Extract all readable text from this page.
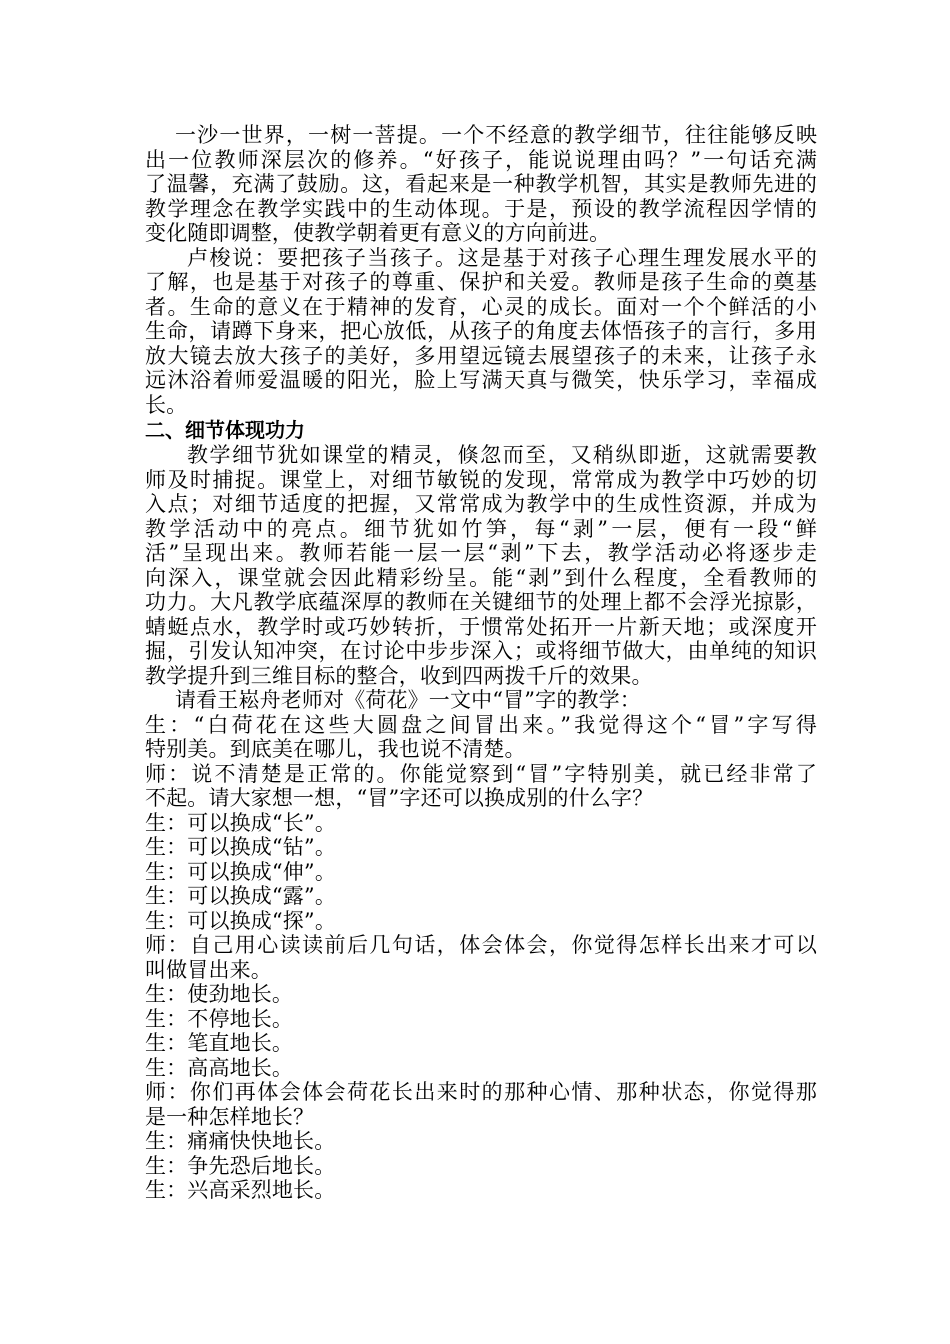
一沙一世界，一树一菩提。一个不经意的教学细节，往往能够反映
出一位教师深层次的修养。“好孩子，能说说理由吗？”一句话充满
了温馨，充满了鼓励。这，看起来是一种教学机智，其实是教师先进的
教学理念在教学实践中的生动体现。于是，预设的教学流程因学情的
变化随即调整，使教学朝着更有意义的方向前进。
卢梭说：要把孩子当孩子。这是基于对孩子心理生理发展水平的
了解，也是基于对孩子的尊重、保护和关爱。教师是孩子生命的奠基
者。生命的意义在于精神的发育，心灵的成长。面对一个个鲜活的小
生命，请蹲下身来，把心放低，从孩子的角度去体悟孩子的言行，多用
放大镜去放大孩子的美好，多用望远镜去展望孩子的未来，让孩子永
远沐浴着师爱温暖的阳光，脸上写满天真与微笑，快乐学习，幸福成
长。
二、细节体现功力
教学细节犹如课堂的精灵，倏忽而至，又稍纵即逝，这就需要教
师及时捕捉。课堂上，对细节敏锐的发现，常常成为教学中巧妙的切
入点；对细节适度的把握，又常常成为教学中的生成性资源，并成为
教学活动中的亮点。细节犹如竹笋，每“剥”一层，便有一段“鲜
活”呈现出来。教师若能一层一层“剥”下去，教学活动必将逐步走
向深入，课堂就会因此精彩纷呈。能“剥”到什么程度，全看教师的
功力。大凡教学底蕴深厚的教师在关键细节的处理上都不会浮光掠影，
蜻蜓点水，教学时或巧妙转折，于惯常处拓开一片新天地；或深度开
掘，引发认知冲突，在讨论中步步深入；或将细节做大，由单纯的知识
教学提升到三维目标的整合，收到四两拨千斤的效果。
请看王崧舟老师对《荷花》一文中“冒”字的教学：
生：“白荷花在这些大圆盘之间冒出来。”我觉得这个“冒”字写得
特别美。到底美在哪儿，我也说不清楚。
师：说不清楚是正常的。你能觉察到“冒”字特别美，就已经非常了
不起。请大家想一想，“冒”字还可以换成别的什么字？
生：可以换成“长”。
生：可以换成“钻”。
生：可以换成“伸”。
生：可以换成“露”。
生：可以换成“探”。
师：自己用心读读前后几句话，体会体会，你觉得怎样长出来才可以
叫做冒出来。
生：使劲地长。
生：不停地长。
生：笔直地长。
生：高高地长。
师：你们再体会体会荷花长出来时的那种心情、那种状态，你觉得那
是一种怎样地长？
生：痛痛快快地长。
生：争先恐后地长。
生：兴高采烈地长。
